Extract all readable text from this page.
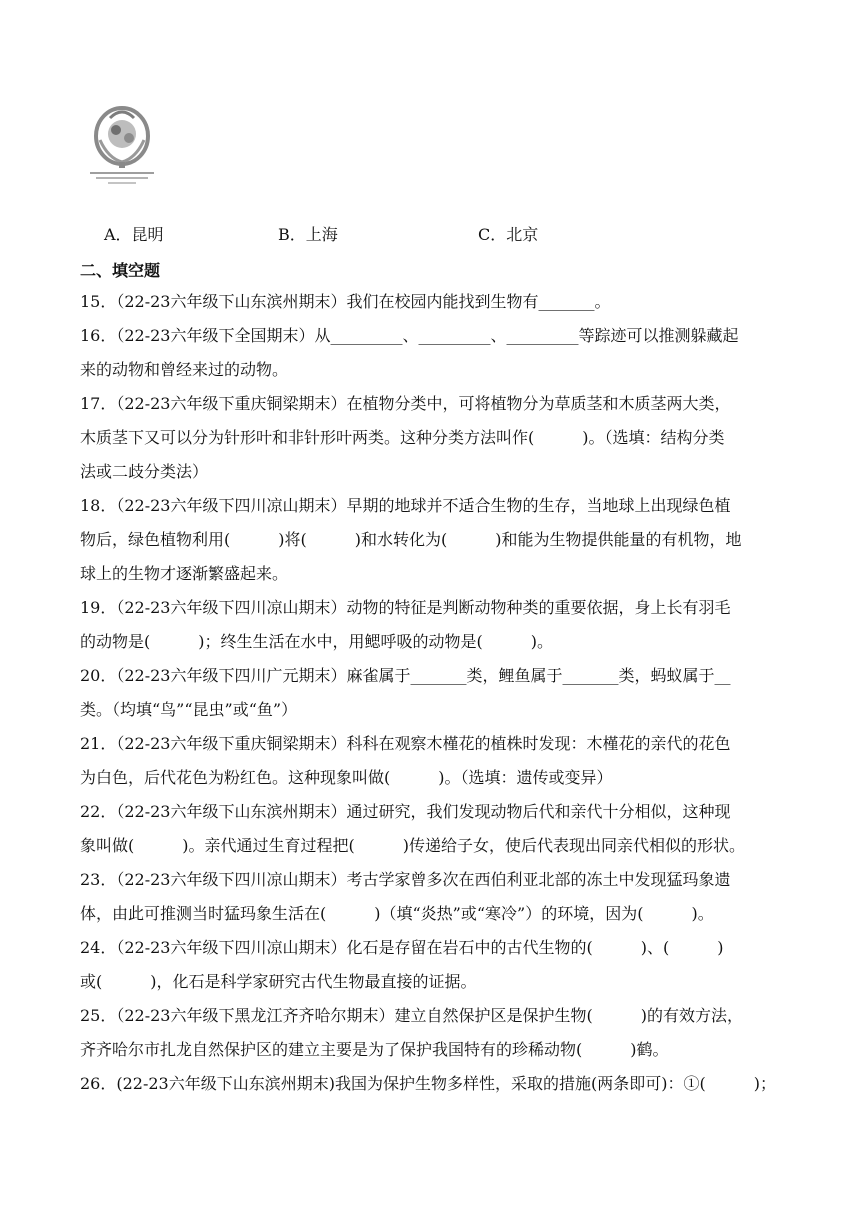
A．昆明	B．上海	C．北京
二、填空题
15．（22-23六年级下山东滨州期末）我们在校园内能找到生物有_______。
16．（22-23六年级下全国期末）从_________、_________、_________等踪迹可以推测躲藏起
来的动物和曾经来过的动物。
17．（22-23六年级下重庆铜梁期末）在植物分类中，可将植物分为草质茎和木质茎两大类，
木质茎下又可以分为针形叶和非针形叶两类。这种分类方法叫作(　　　)。（选填：结构分类
法或二歧分类法）
18．（22-23六年级下四川凉山期末）早期的地球并不适合生物的生存，当地球上出现绿色植
物后，绿色植物利用(　　　)将(　　　)和水转化为(　　　)和能为生物提供能量的有机物，地
球上的生物才逐渐繁盛起来。
19．（22-23六年级下四川凉山期末）动物的特征是判断动物种类的重要依据，身上长有羽毛
的动物是(　　　)；终生生活在水中，用鳃呼吸的动物是(　　　)。
20．（22-23六年级下四川广元期末）麻雀属于_______类，鲤鱼属于_______类，蚂蚁属于__
类。（均填“鸟”“昆虫”或“鱼”）
21．（22-23六年级下重庆铜梁期末）科科在观察木槿花的植株时发现：木槿花的亲代的花色
为白色，后代花色为粉红色。这种现象叫做(　　　)。（选填：遗传或变异）
22．（22-23六年级下山东滨州期末）通过研究，我们发现动物后代和亲代十分相似，这种现
象叫做(　　　)。亲代通过生育过程把(　　　)传递给子女，使后代表现出同亲代相似的形状。
23．（22-23六年级下四川凉山期末）考古学家曾多次在西伯利亚北部的冻土中发现猛玛象遗
体，由此可推测当时猛玛象生活在(　　　)（填“炎热”或“寒冷”）的环境，因为(　　　)。
24．（22-23六年级下四川凉山期末）化石是存留在岩石中的古代生物的(　　　)、(　　　)
或(　　　)，化石是科学家研究古代生物最直接的证据。
25．（22-23六年级下黑龙江齐齐哈尔期末）建立自然保护区是保护生物(　　　)的有效方法，
齐齐哈尔市扎龙自然保护区的建立主要是为了保护我国特有的珍稀动物(　　　)鹤。
26．(22-23六年级下山东滨州期末)我国为保护生物多样性，采取的措施(两条即可)：①(　　　)；
